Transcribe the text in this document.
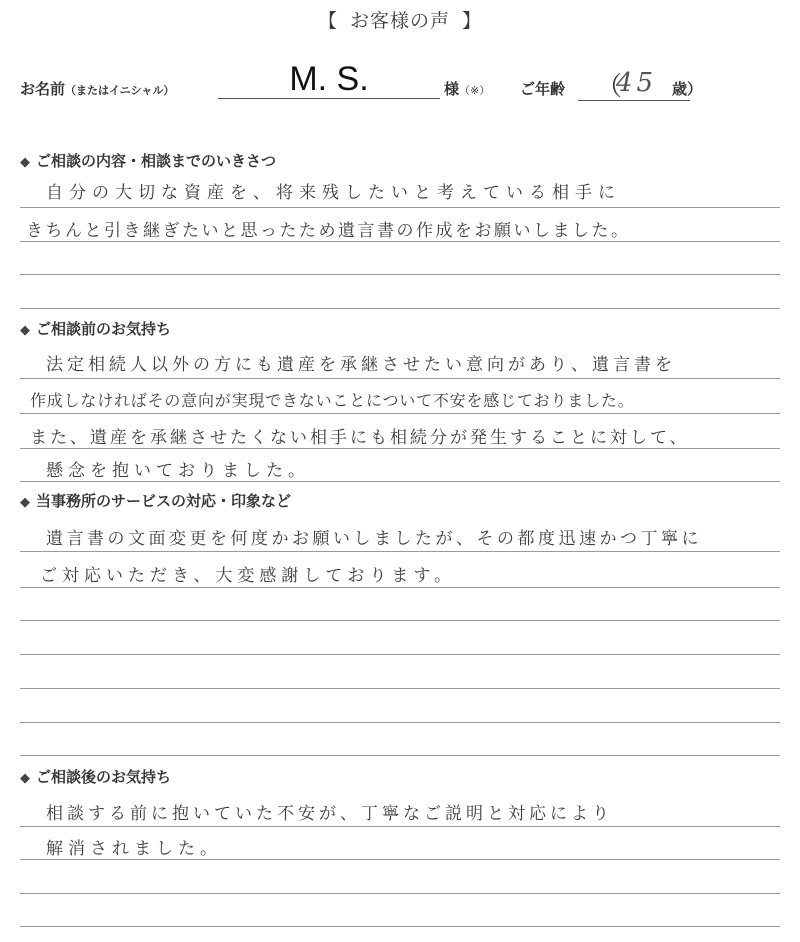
【 お客様の声 】
お名前（またはイニシャル）	M. S.	様（※） ご年齢 （
45 歳）
◆ ご相談の内容・相談までのいきさつ
自分の大切な資産を、将来残したいと考えている相手に
きちんと引き継ぎたいと思ったため遺言書の作成をお願いしました。
◆ ご相談前のお気持ち
法定相続人以外の方にも遺産を承継させたい意向があり、遺言書を
作成しなければその意向が実現できないことについて不安を感じておりました。
また、遺産を承継させたくない相手にも相続分が発生することに対して、
懸念を抱いておりました。
◆ 当事務所のサービスの対応・印象など
遺言書の文面変更を何度かお願いしましたが、その都度迅速かつ丁寧に
ご対応いただき、大変感謝しております。
◆ ご相談後のお気持ち
相談する前に抱いていた不安が、丁寧なご説明と対応により
解消されました。
